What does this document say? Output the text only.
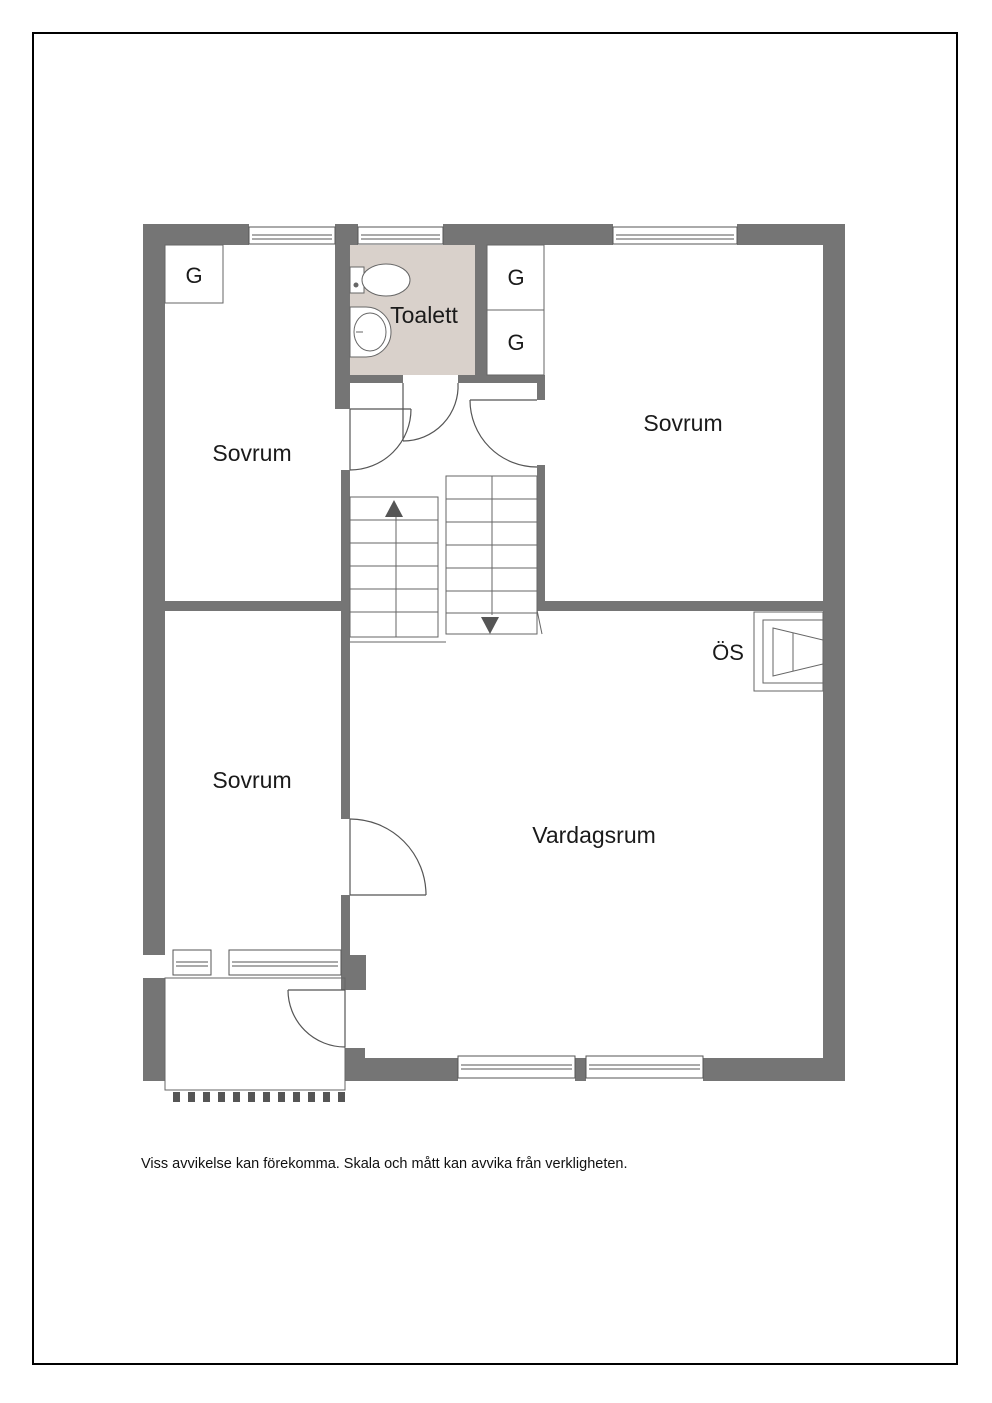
Toalett
Sovrum
Sovrum
Sovrum
Vardagsrum
G	G
G
ÖS
Viss avvikelse kan förekomma. Skala och mått kan avvika från verkligheten.
